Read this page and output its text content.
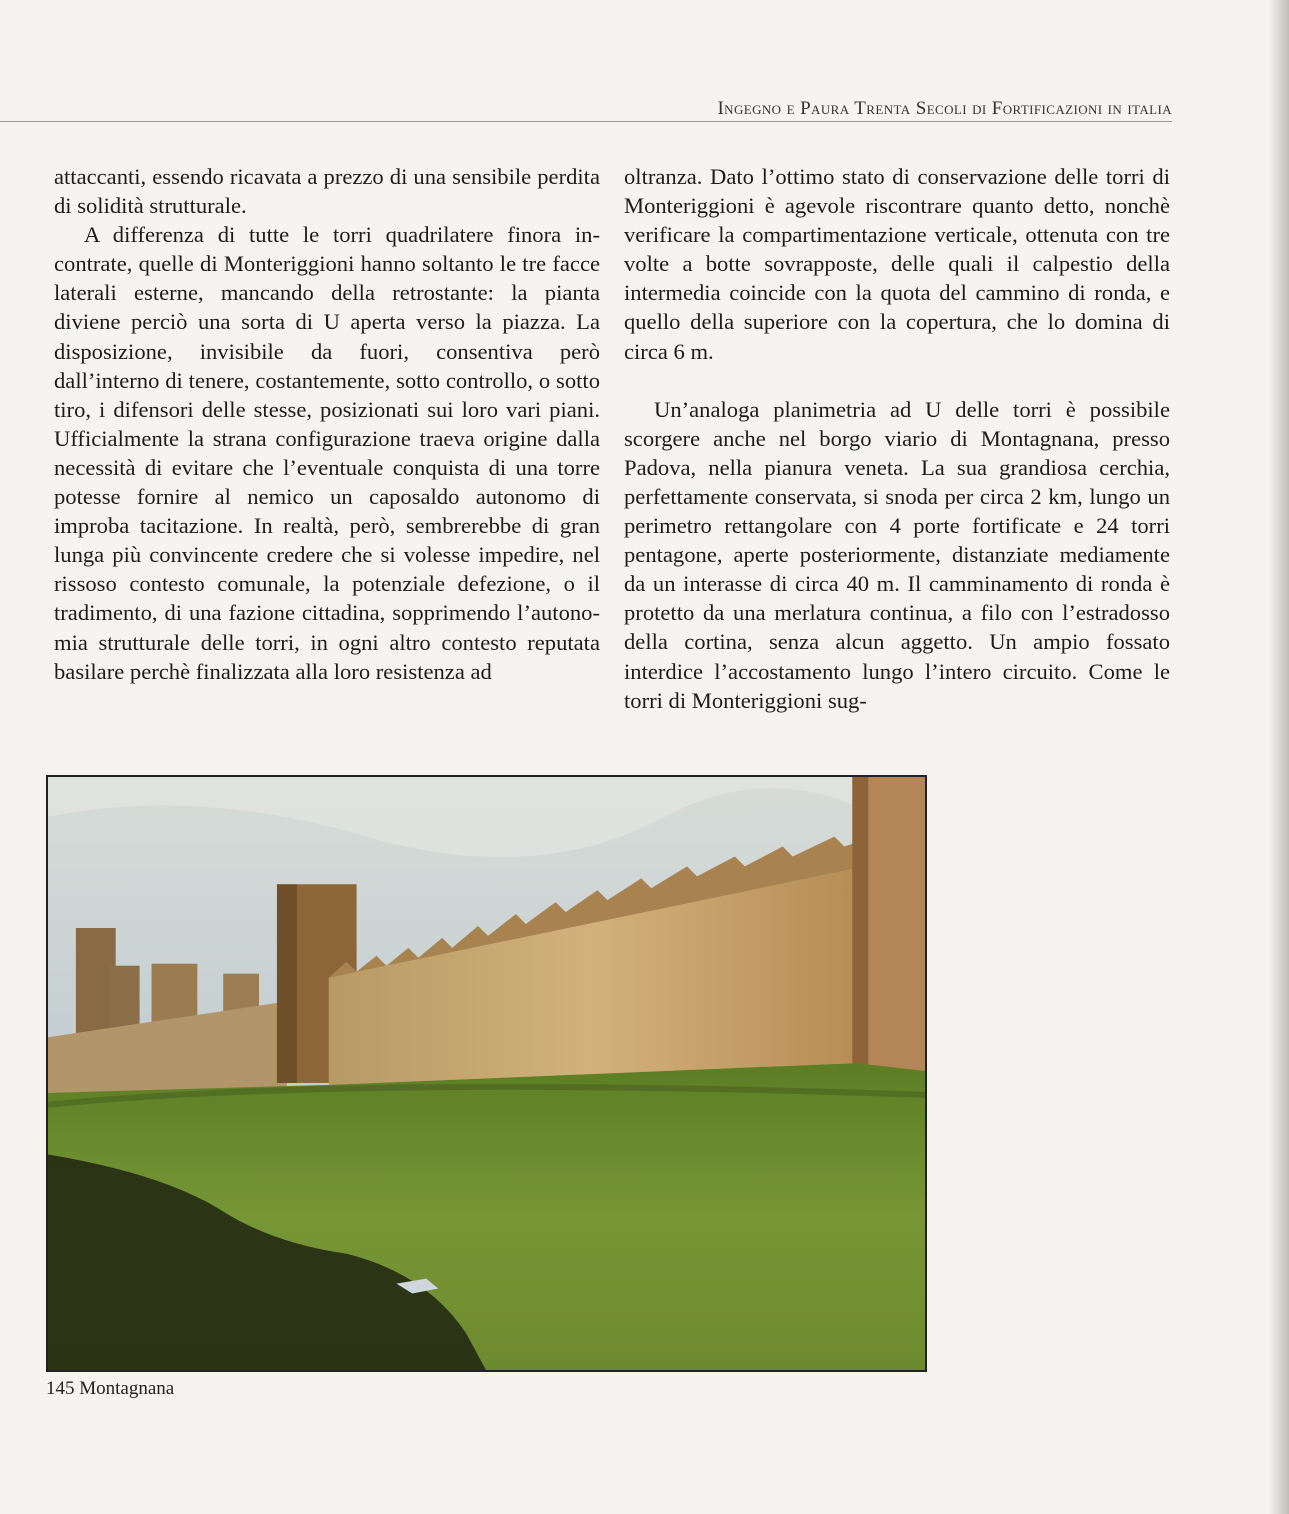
Ingegno e Paura Trenta Secoli di Fortificazioni in italia

attaccanti, essendo ricavata a prezzo di una sensibile perdita di solidità strutturale.

A differenza di tutte le torri quadrilatere finora incontrate, quelle di Monteriggioni hanno soltanto le tre facce laterali esterne, mancando della retrostante: la pianta diviene perciò una sorta di U aperta verso la piazza. La disposizione, invisibile da fuori, consentiva però dall’interno di tenere, costantemente, sotto controllo, o sotto tiro, i difensori delle stesse, posizionati sui loro vari piani. Ufficialmente la strana configurazione traeva origine dalla necessità di evitare che l’eventuale conquista di una torre potesse fornire al nemico un caposaldo autonomo di improba tacitazione. In realtà, però, sembrerebbe di gran lunga più convincente credere che si volesse impedire, nel rissoso contesto comunale, la potenziale defezione, o il tradimento, di una fazione cittadina, sopprimendo l’autonomia strutturale delle torri, in ogni altro contesto reputata basilare perchè finalizzata alla loro resistenza ad

oltranza. Dato l’ottimo stato di conservazione delle torri di Monteriggioni è agevole riscontrare quanto detto, nonchè verificare la compartimentazione verticale, ottenuta con tre volte a botte sovrapposte, delle quali il calpestio della intermedia coincide con la quota del cammino di ronda, e quello della superiore con la copertura, che lo domina di circa 6 m.

Un’analoga planimetria ad U delle torri è possibile scorgere anche nel borgo viario di Montagnana, presso Padova, nella pianura veneta. La sua grandiosa cerchia, perfettamente conservata, si snoda per circa 2 km, lungo un perimetro rettangolare con 4 porte fortificate e 24 torri pentagone, aperte posteriormente, distanziate mediamente da un interasse di circa 40 m. Il camminamento di ronda è protetto da una merlatura continua, a filo con l’estradosso della cortina, senza alcun aggetto. Un ampio fossato interdice l’accostamento lungo l’intero circuito. Come le torri di Monteriggioni sug-

145 Montagnana
